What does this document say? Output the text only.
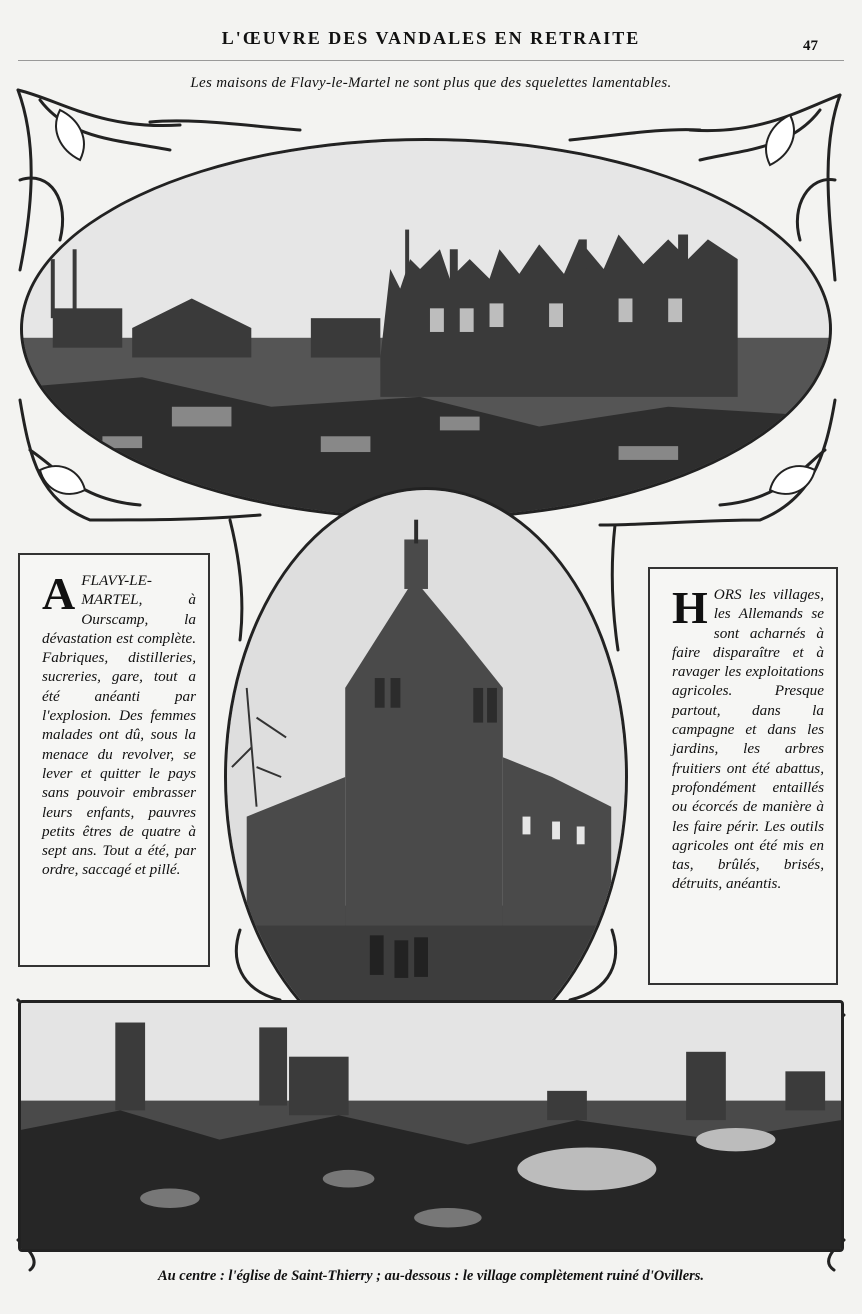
L'ŒUVRE DES VANDALES EN RETRAITE	47
Les maisons de Flavy-le-Martel ne sont plus que des squelettes lamentables.
A FLAVY-LE-MARTEL, à Ourscamp, la dévastation est complète. Fabriques, distilleries, sucreries, gare, tout a été anéanti par l'explosion. Des femmes malades ont dû, sous la menace du revolver, se lever et quitter le pays sans pouvoir embrasser leurs enfants, pauvres petits êtres de quatre à sept ans. Tout a été, par ordre, saccagé et pillé.
H ORS les villages, les Allemands se sont acharnés à faire disparaître et à ravager les exploitations agricoles. Presque partout, dans la campagne et dans les jardins, les arbres fruitiers ont été abattus, profondément entaillés ou écorcés de manière à les faire périr. Les outils agricoles ont été mis en tas, brûlés, brisés, détruits, anéantis.
Au centre : l'église de Saint-Thierry ; au-dessous : le village complètement ruiné d'Ovillers.
